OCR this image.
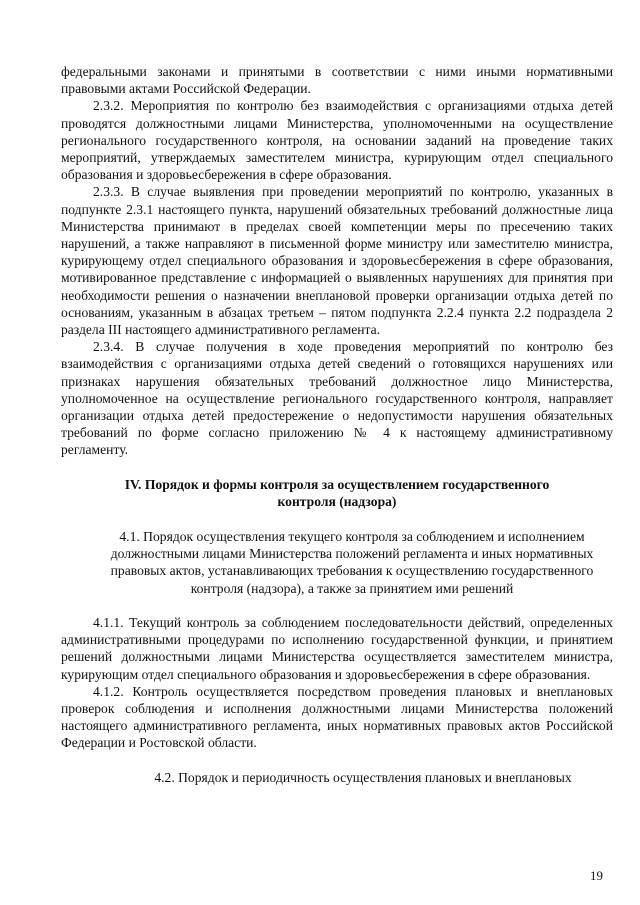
федеральными законами и принятыми в соответствии с ними иными нормативными правовыми актами Российской Федерации.

2.3.2. Мероприятия по контролю без взаимодействия с организациями отдыха детей проводятся должностными лицами Министерства, уполномоченными на осуществление регионального государственного контроля, на основании заданий на проведение таких мероприятий, утверждаемых заместителем министра, курирующим отдел специального образования и здоровьесбережения в сфере образования.

2.3.3. В случае выявления при проведении мероприятий по контролю, указанных в подпункте 2.3.1 настоящего пункта, нарушений обязательных требований должностные лица Министерства принимают в пределах своей компетенции меры по пресечению таких нарушений, а также направляют в письменной форме министру или заместителю министра, курирующему отдел специального образования и здоровьесбережения в сфере образования, мотивированное представление с информацией о выявленных нарушениях для принятия при необходимости решения о назначении внеплановой проверки организации отдыха детей по основаниям, указанным в абзацах третьем – пятом подпункта 2.2.4 пункта 2.2 подраздела 2 раздела III настоящего административного регламента.

2.3.4. В случае получения в ходе проведения мероприятий по контролю без взаимодействия с организациями отдыха детей сведений о готовящихся нарушениях или признаках нарушения обязательных требований должностное лицо Министерства, уполномоченное на осуществление регионального государственного контроля, направляет организации отдыха детей предостережение о недопустимости нарушения обязательных требований по форме согласно приложению № 4 к настоящему административному регламенту.

IV. Порядок и формы контроля за осуществлением государственного контроля (надзора)
4.1. Порядок осуществления текущего контроля за соблюдением и исполнением должностными лицами Министерства положений регламента и иных нормативных правовых актов, устанавливающих требования к осуществлению государственного контроля (надзора), а также за принятием ими решений

4.1.1. Текущий контроль за соблюдением последовательности действий, определенных административными процедурами по исполнению государственной функции, и принятием решений должностными лицами Министерства осуществляется заместителем министра, курирующим отдел специального образования и здоровьесбережения в сфере образования.

4.1.2. Контроль осуществляется посредством проведения плановых и внеплановых проверок соблюдения и исполнения должностными лицами Министерства положений настоящего административного регламента, иных нормативных правовых актов Российской Федерации и Ростовской области.

4.2. Порядок и периодичность осуществления плановых и внеплановых
19
